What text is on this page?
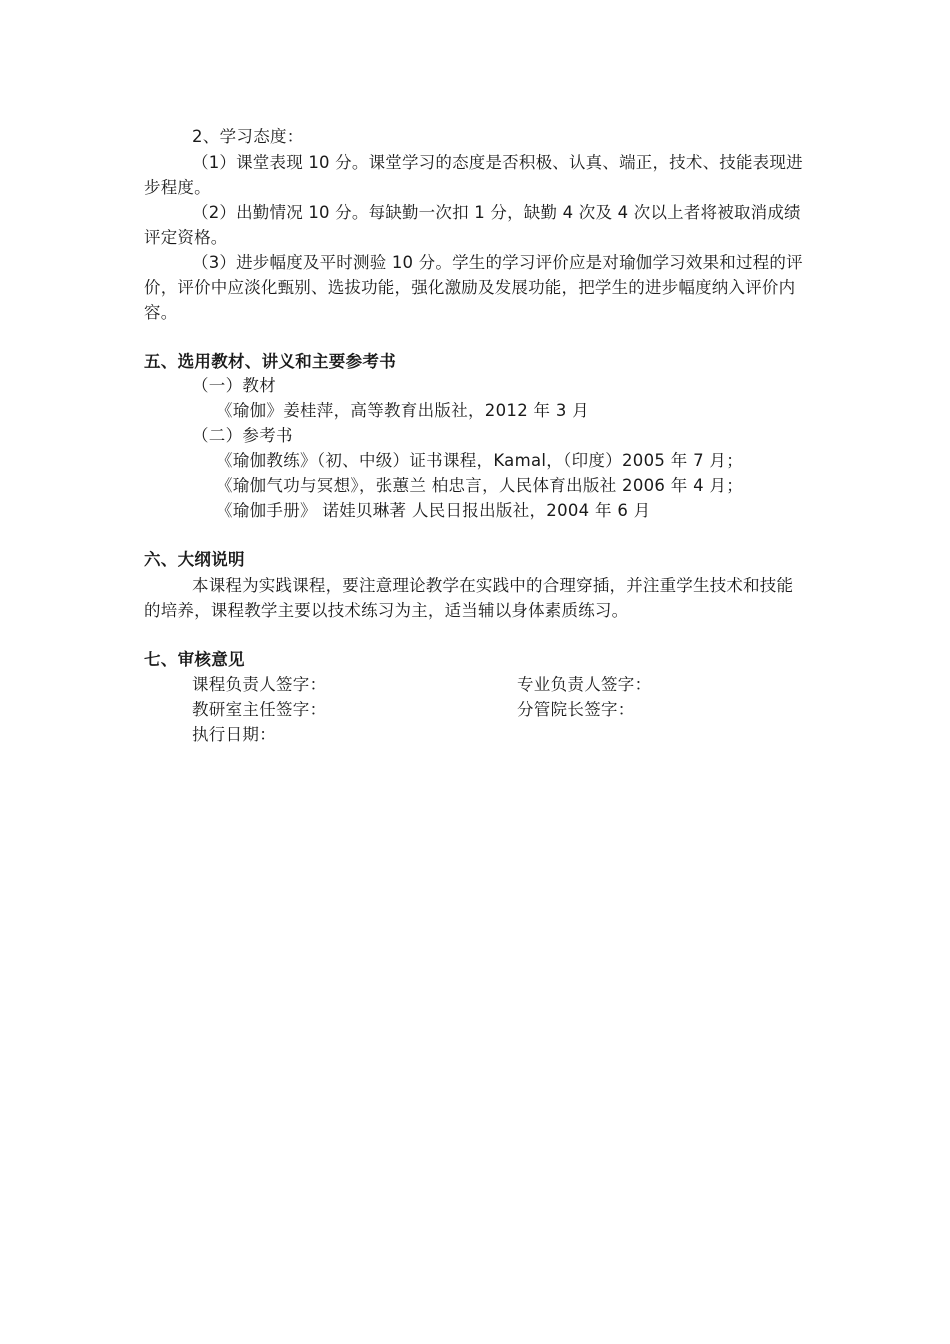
2、学习态度：
（1）课堂表现 10 分。课堂学习的态度是否积极、认真、端正，技术、技能表现进步程度。
（2）出勤情况 10 分。每缺勤一次扣 1 分，缺勤 4 次及 4 次以上者将被取消成绩评定资格。
（3）进步幅度及平时测验 10 分。学生的学习评价应是对瑜伽学习效果和过程的评价，评价中应淡化甄别、选拔功能，强化激励及发展功能，把学生的进步幅度纳入评价内容。
五、选用教材、讲义和主要参考书
（一）教材
《瑜伽》姜桂萍，高等教育出版社，2012 年 3 月
（二）参考书
《瑜伽教练》（初、中级）证书课程，Kamal，（印度）2005 年 7 月；
《瑜伽气功与冥想》，张蕙兰 柏忠言，人民体育出版社 2006 年 4 月；
《瑜伽手册》 诺娃贝琳著 人民日报出版社，2004 年 6 月
六、大纲说明
本课程为实践课程，要注意理论教学在实践中的合理穿插，并注重学生技术和技能的培养，课程教学主要以技术练习为主，适当辅以身体素质练习。
七、审核意见
课程负责人签字：	专业负责人签字：
教研室主任签字：	分管院长签字：
执行日期：
